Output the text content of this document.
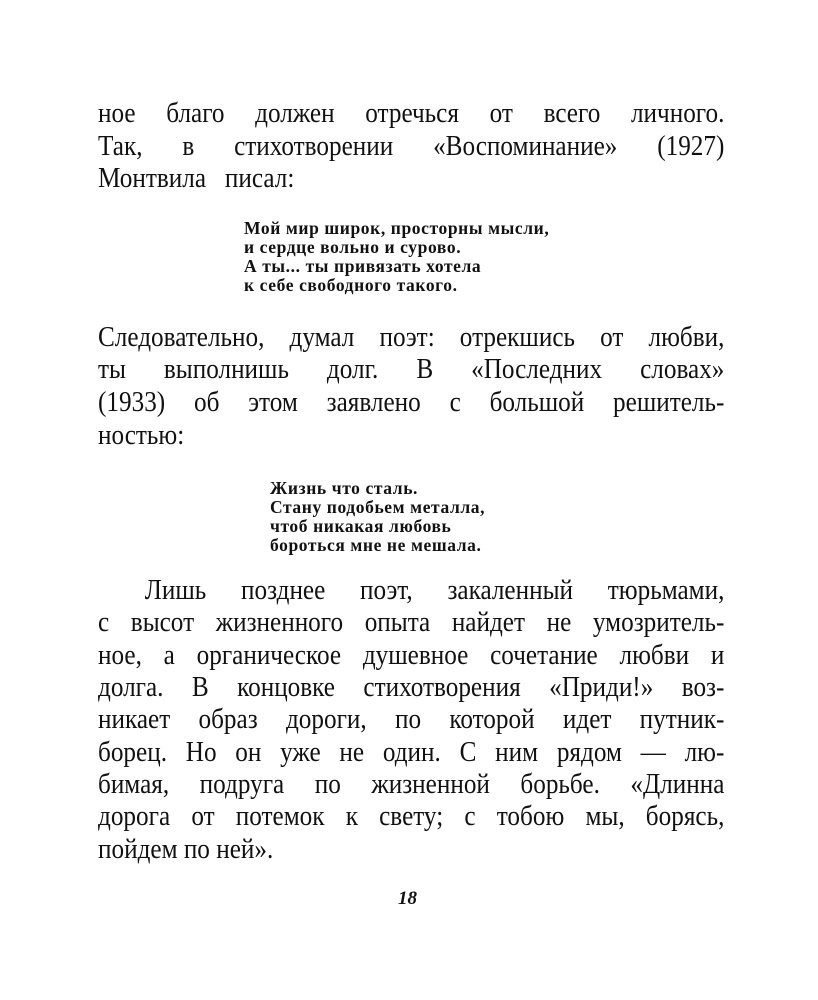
ное благо должен отречься от всего личного.
Так, в стихотворении «Воспоминание» (1927)
Монтвила писал:
Мой мир широк, просторны мысли,
и сердце вольно и сурово.
А ты... ты привязать хотела
к себе свободного такого.
Следовательно, думал поэт: отрекшись от любви,
ты выполнишь долг. В «Последних словах»
(1933) об этом заявлено с большой решитель-
ностью:
Жизнь что сталь.
Стану подобьем металла,
чтоб никакая любовь
бороться мне не мешала.
Лишь позднее поэт, закаленный тюрьмами,
с высот жизненного опыта найдет не умозритель-
ное, а органическое душевное сочетание любви и
долга. В концовке стихотворения «Приди!» воз-
никает образ дороги, по которой идет путник-
борец. Но он уже не один. С ним рядом — лю-
бимая, подруга по жизненной борьбе. «Длинна
дорога от потемок к свету; с тобою мы, борясь,
пойдем по ней».
18
